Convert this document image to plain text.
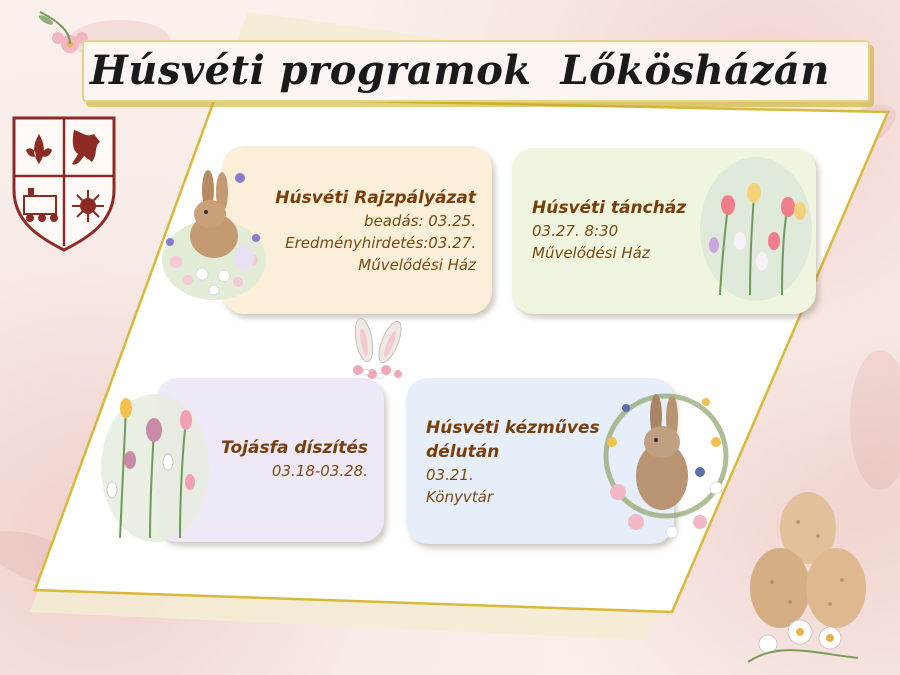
Húsvéti programok  Lőkösházán
Húsvéti Rajzpályázat
beadás: 03.25.
Eredményhirdetés:03.27.
Művelődési Ház
Húsvéti táncház
03.27. 8:30
Művelődési Ház
Tojásfa díszítés
03.18-03.28.
Húsvéti kézműves
délután
03.21.
Könyvtár
